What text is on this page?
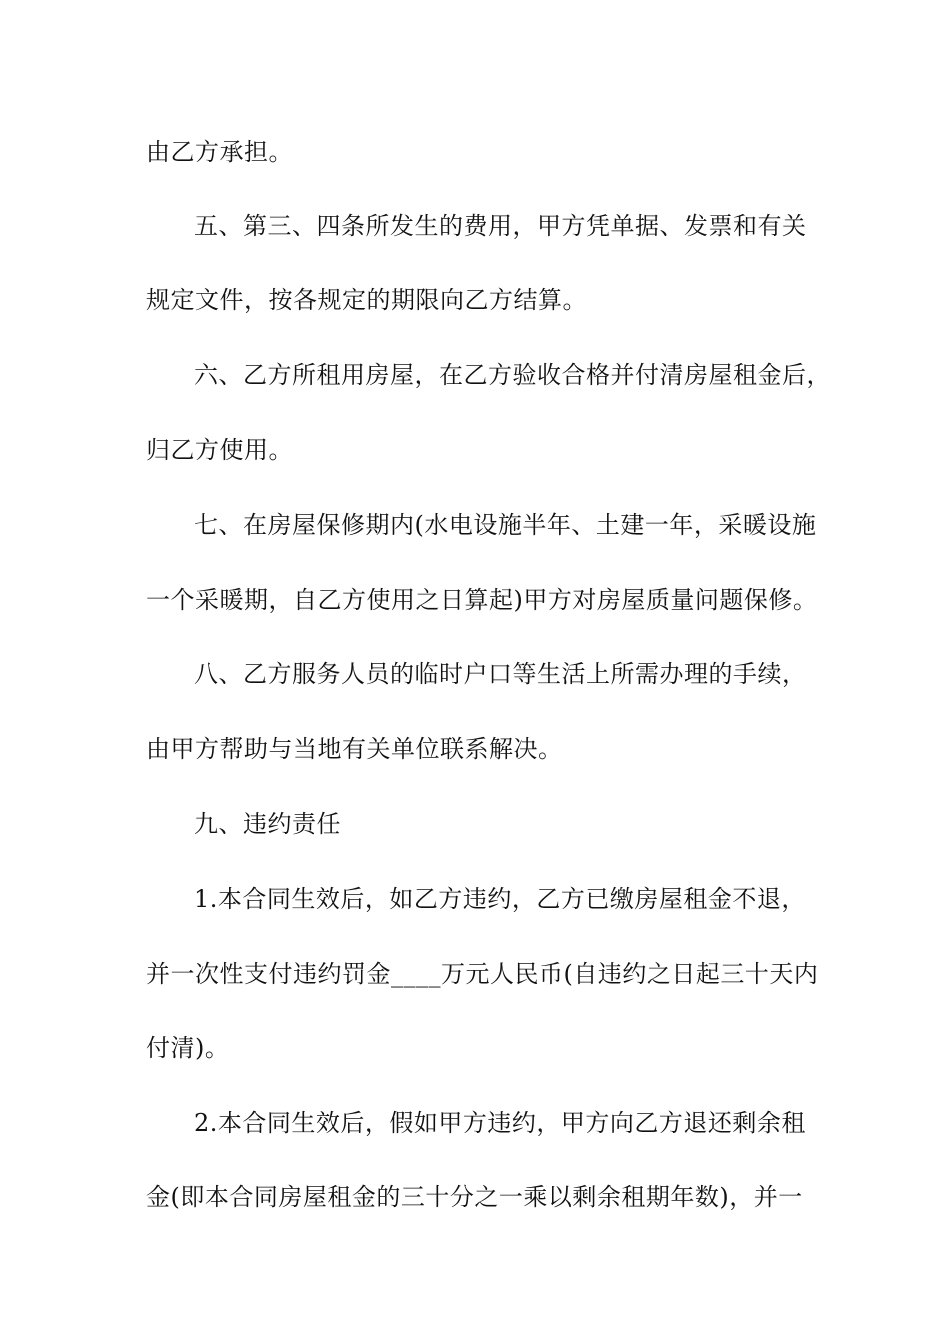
由乙方承担。
五、第三、四条所发生的费用，甲方凭单据、发票和有关
规定文件，按各规定的期限向乙方结算。
六、乙方所租用房屋，在乙方验收合格并付清房屋租金后，
归乙方使用。
七、在房屋保修期内(水电设施半年、土建一年，采暖设施
一个采暖期，自乙方使用之日算起)甲方对房屋质量问题保修。
八、乙方服务人员的临时户口等生活上所需办理的手续，
由甲方帮助与当地有关单位联系解决。
九、违约责任
1.本合同生效后，如乙方违约，乙方已缴房屋租金不退，
并一次性支付违约罚金____万元人民币(自违约之日起三十天内
付清)。
2.本合同生效后，假如甲方违约，甲方向乙方退还剩余租
金(即本合同房屋租金的三十分之一乘以剩余租期年数)，并一
